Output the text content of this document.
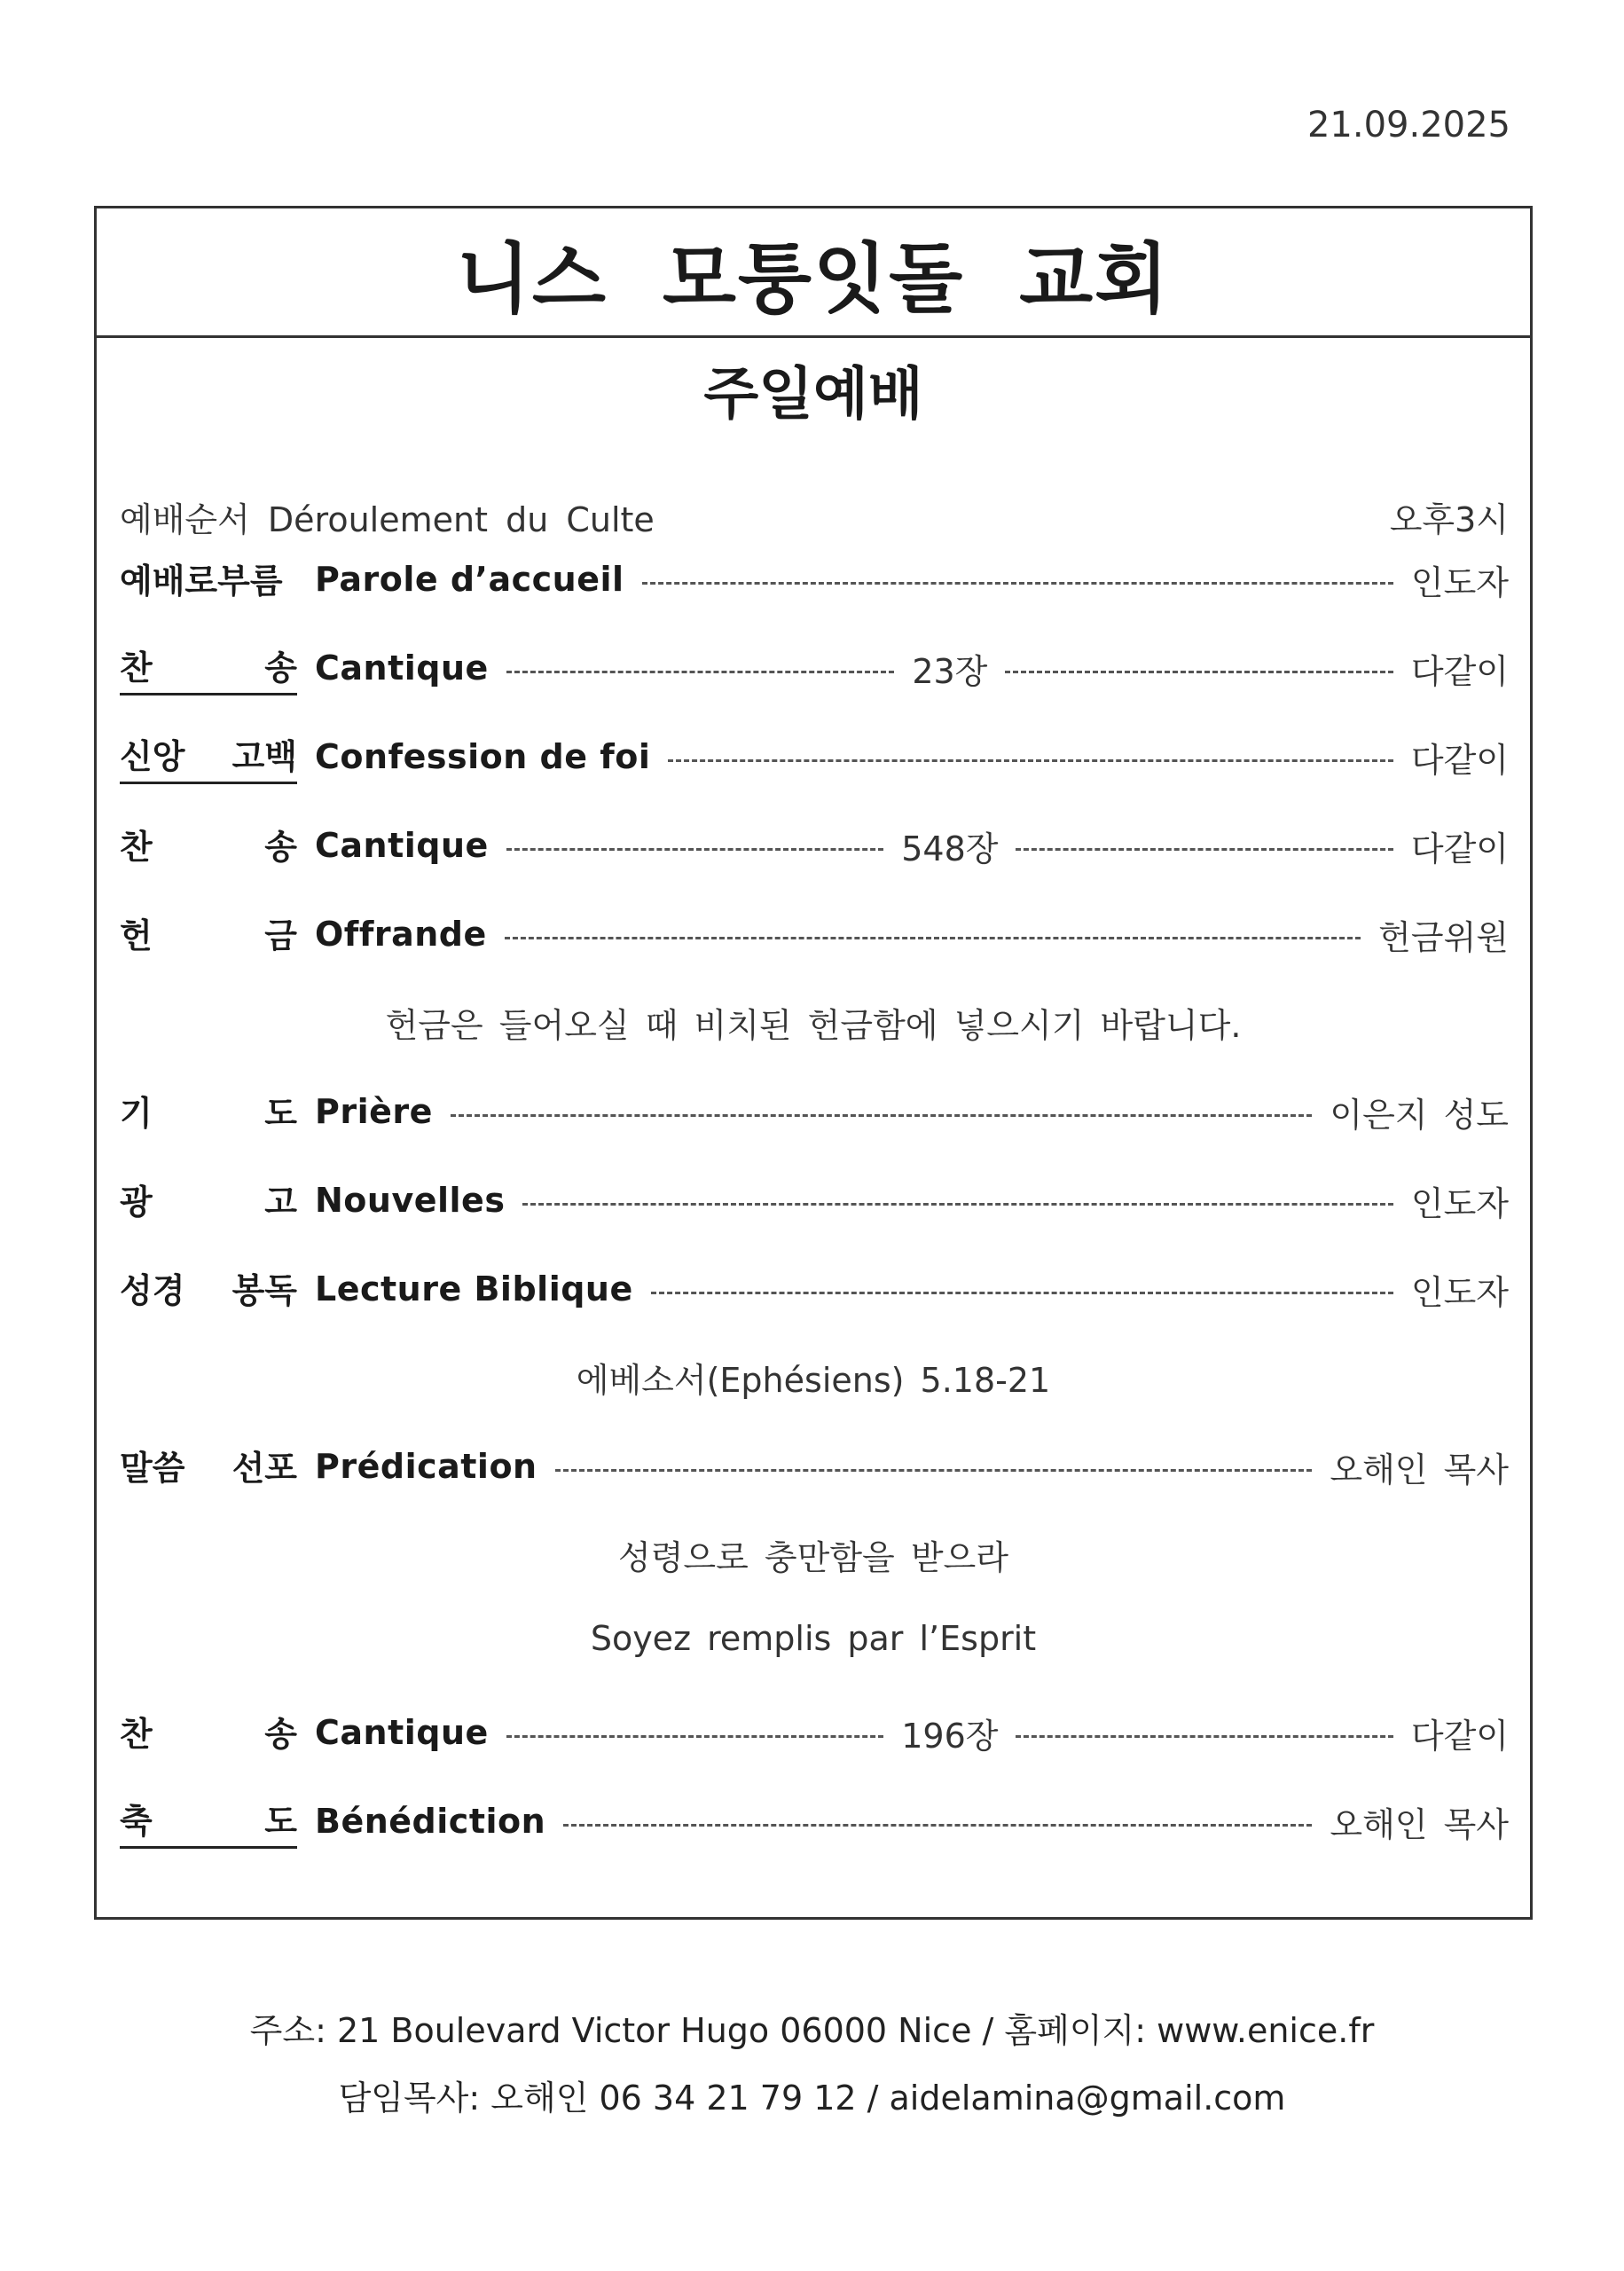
21.09.2025
니스 모퉁잇돌 교회
주일예배
예배순서 Déroulement du Culte	오후3시
예배로부름 Parole d’accueil	인도자
찬	송 Cantique	23장	다같이
신앙 고백 Confession de foi	다같이
찬	송 Cantique	548장	다같이
헌	금 Offrande	헌금위원
헌금은 들어오실 때 비치된 헌금함에 넣으시기 바랍니다.
기	도 Prière	이은지 성도
광	고 Nouvelles	인도자
성경 봉독 Lecture Biblique	인도자
에베소서(Ephésiens) 5.18-21
말씀 선포 Prédication	오해인 목사
성령으로 충만함을 받으라
Soyez remplis par l’Esprit
찬	송 Cantique	196장	다같이
축	도 Bénédiction	오해인 목사
주소: 21 Boulevard Victor Hugo 06000 Nice / 홈페이지: www.enice.fr
담임목사: 오해인 06 34 21 79 12 / aidelamina@gmail.com
